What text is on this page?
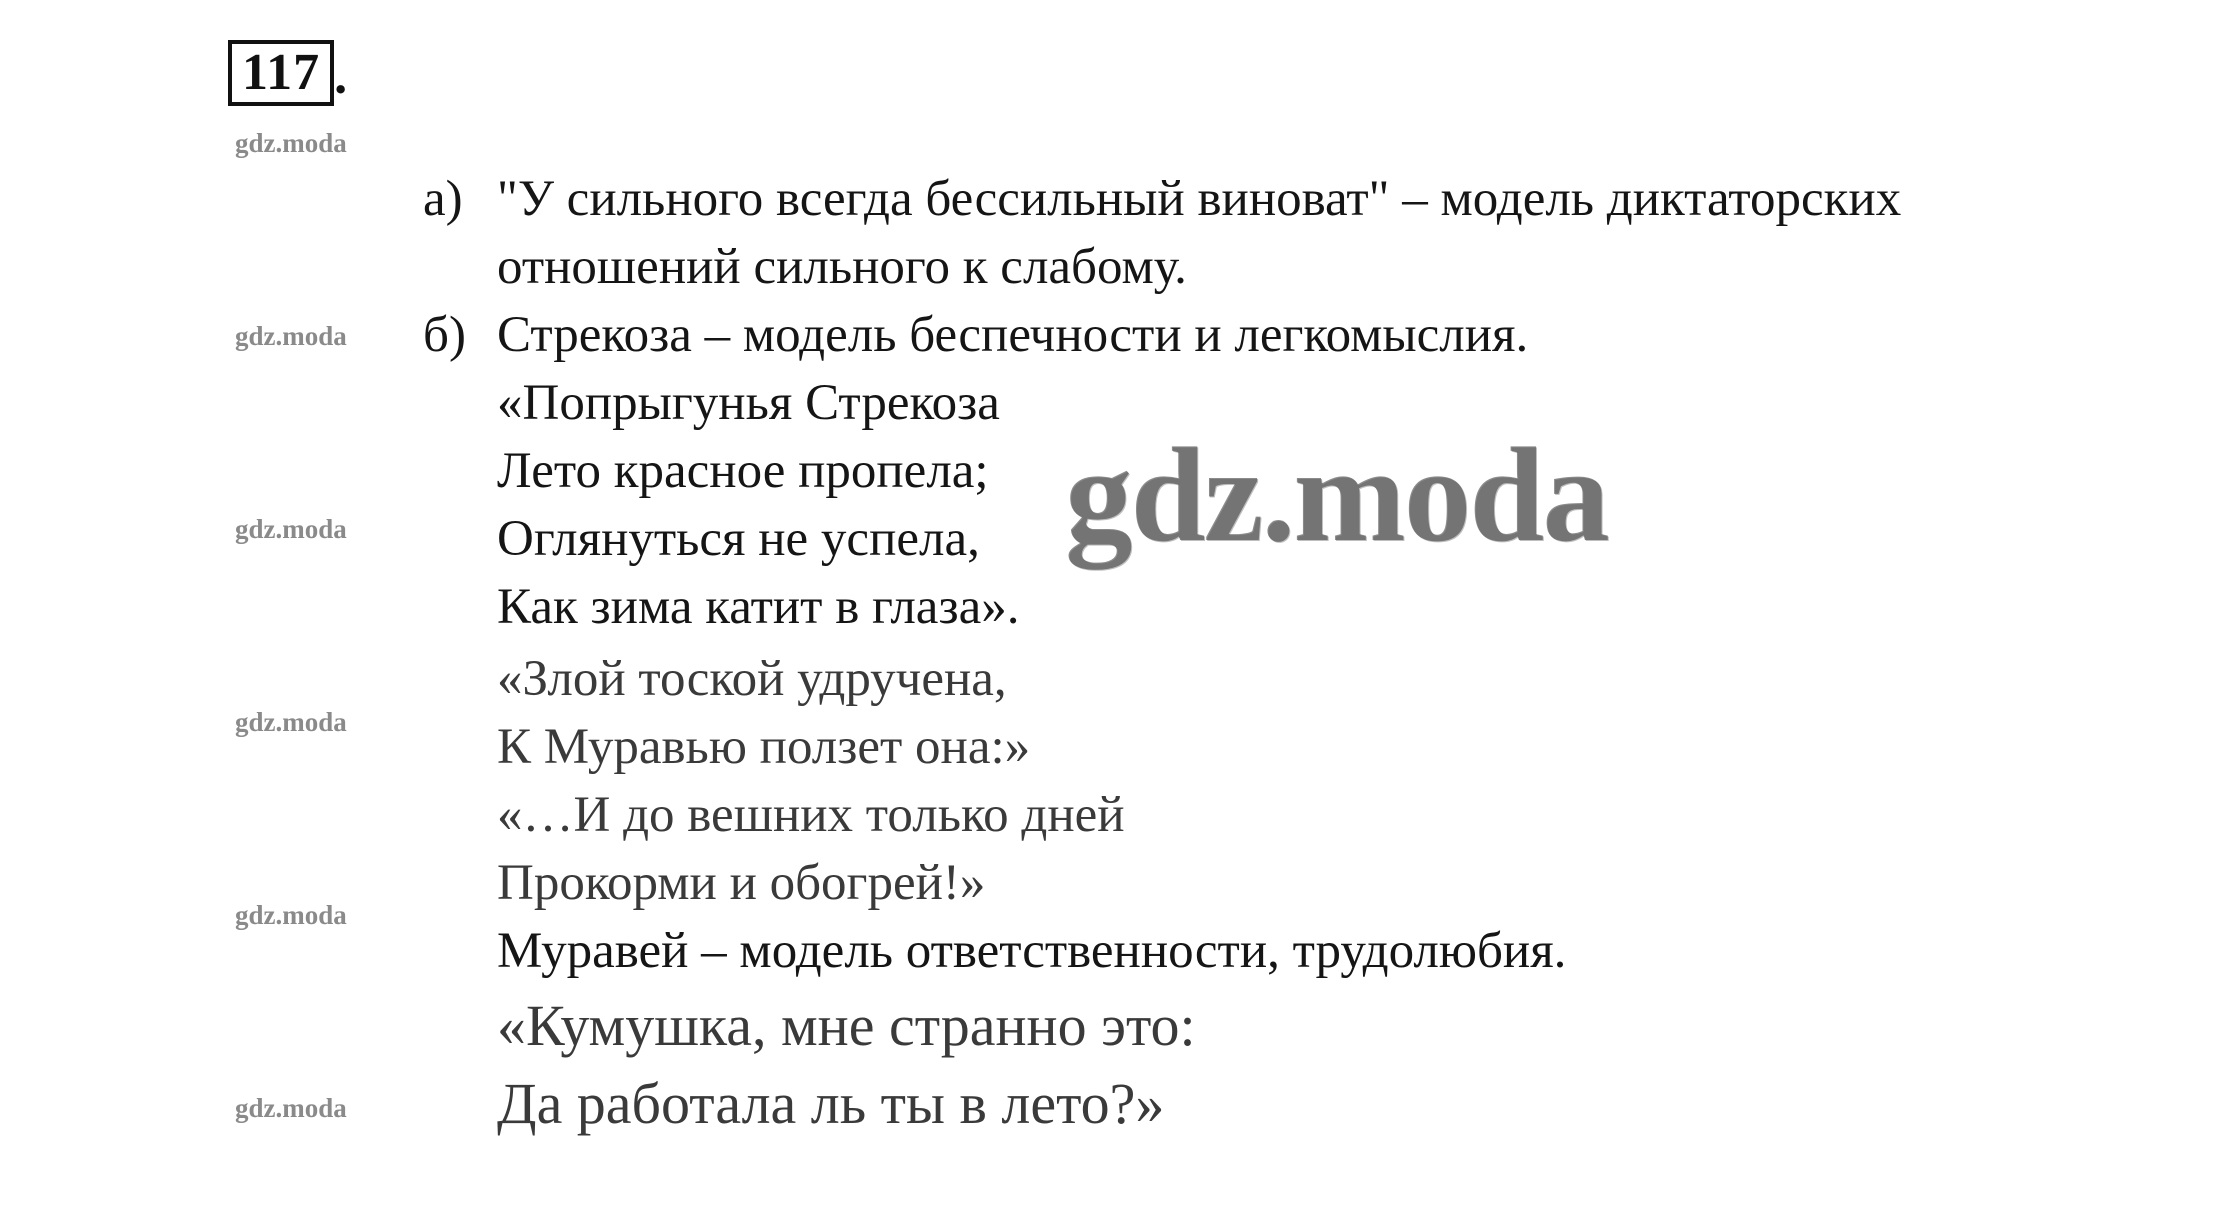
117 .
gdz.moda
gdz.moda
gdz.moda
gdz.moda
gdz.moda
gdz.moda
а)
б)
"У сильного всегда бессильный виноват" – модель диктаторских
отношений сильного к слабому.
Стрекоза – модель беспечности и легкомыслия.
«Попрыгунья Стрекоза
Лето красное пропела;
Оглянуться не успела,
Как зима катит в глаза».
«Злой тоской удручена,
К Муравью ползет она:»
«…И до вешних только дней
Прокорми и обогрей!»
Муравей – модель ответственности, трудолюбия.
«Кумушка, мне странно это:
Да работала ль ты в лето?»
gdz.moda
